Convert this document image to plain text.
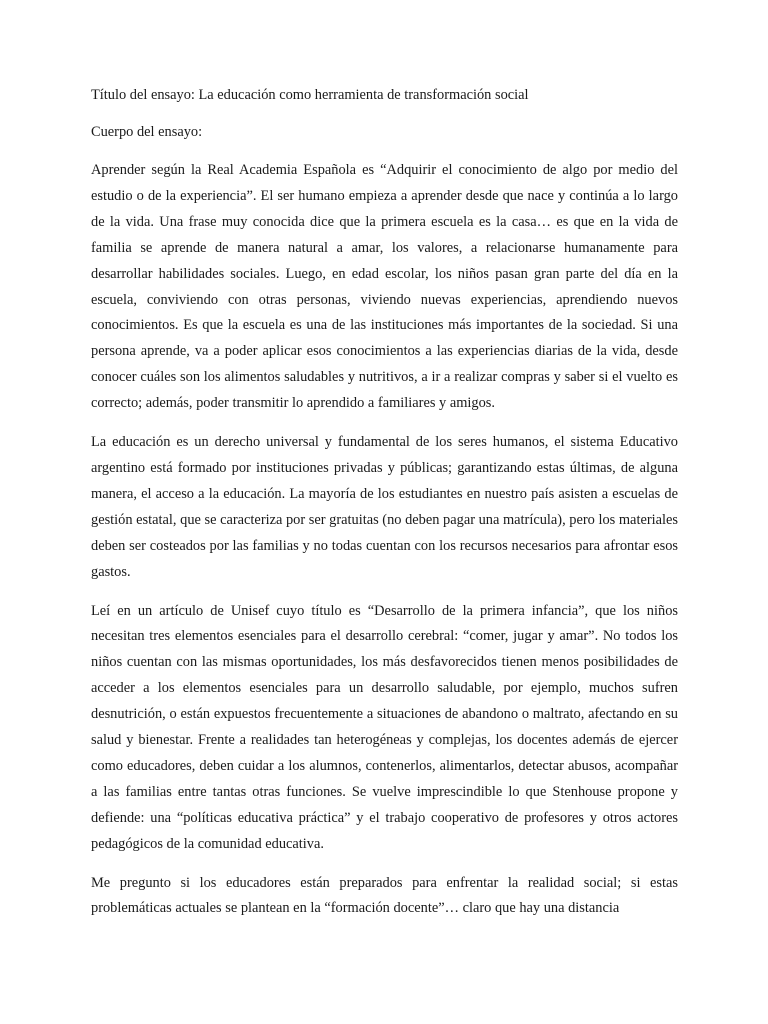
Título del ensayo: La educación como herramienta de transformación social

Cuerpo del ensayo:

Aprender según la Real Academia Española es “Adquirir el conocimiento de algo por medio del estudio o de la experiencia”. El ser humano empieza a aprender desde que nace y continúa a lo largo de la vida. Una frase muy conocida dice que la primera escuela es la casa… es que en la vida de familia se aprende de manera natural a amar, los valores, a relacionarse humanamente para desarrollar habilidades sociales. Luego, en edad escolar, los niños pasan gran parte del día en la escuela, conviviendo con otras personas, viviendo nuevas experiencias, aprendiendo nuevos conocimientos. Es que la escuela es una de las instituciones más importantes de la sociedad. Si una persona aprende, va a poder aplicar esos conocimientos a las experiencias diarias de la vida, desde conocer cuáles son los alimentos saludables y nutritivos, a ir a realizar compras y saber si el vuelto es correcto; además, poder transmitir lo aprendido a familiares y amigos.

La educación es un derecho universal y fundamental de los seres humanos, el sistema Educativo argentino está formado por instituciones privadas y públicas; garantizando estas últimas, de alguna manera, el acceso a la educación. La mayoría de los estudiantes en nuestro país asisten a escuelas de gestión estatal, que se caracteriza por ser gratuitas (no deben pagar una matrícula), pero los materiales deben ser costeados por las familias y no todas cuentan con los recursos necesarios para afrontar esos gastos.

Leí en un artículo de Unisef cuyo título es “Desarrollo de la primera infancia”, que los niños necesitan tres elementos esenciales para el desarrollo cerebral: “comer, jugar y amar”. No todos los niños cuentan con las mismas oportunidades, los más desfavorecidos tienen menos posibilidades de acceder a los elementos esenciales para un desarrollo saludable, por ejemplo, muchos sufren desnutrición, o están expuestos frecuentemente a situaciones de abandono o maltrato, afectando en su salud y bienestar. Frente a realidades tan heterogéneas y complejas, los docentes además de ejercer como educadores, deben cuidar a los alumnos, contenerlos, alimentarlos, detectar abusos, acompañar a las familias entre tantas otras funciones. Se vuelve imprescindible lo que Stenhouse propone y defiende: una “políticas educativa práctica” y el trabajo cooperativo de profesores y otros actores pedagógicos de la comunidad educativa.

Me pregunto si los educadores están preparados para enfrentar la realidad social; si estas problemáticas actuales se plantean en la “formación docente”… claro que hay una distancia
